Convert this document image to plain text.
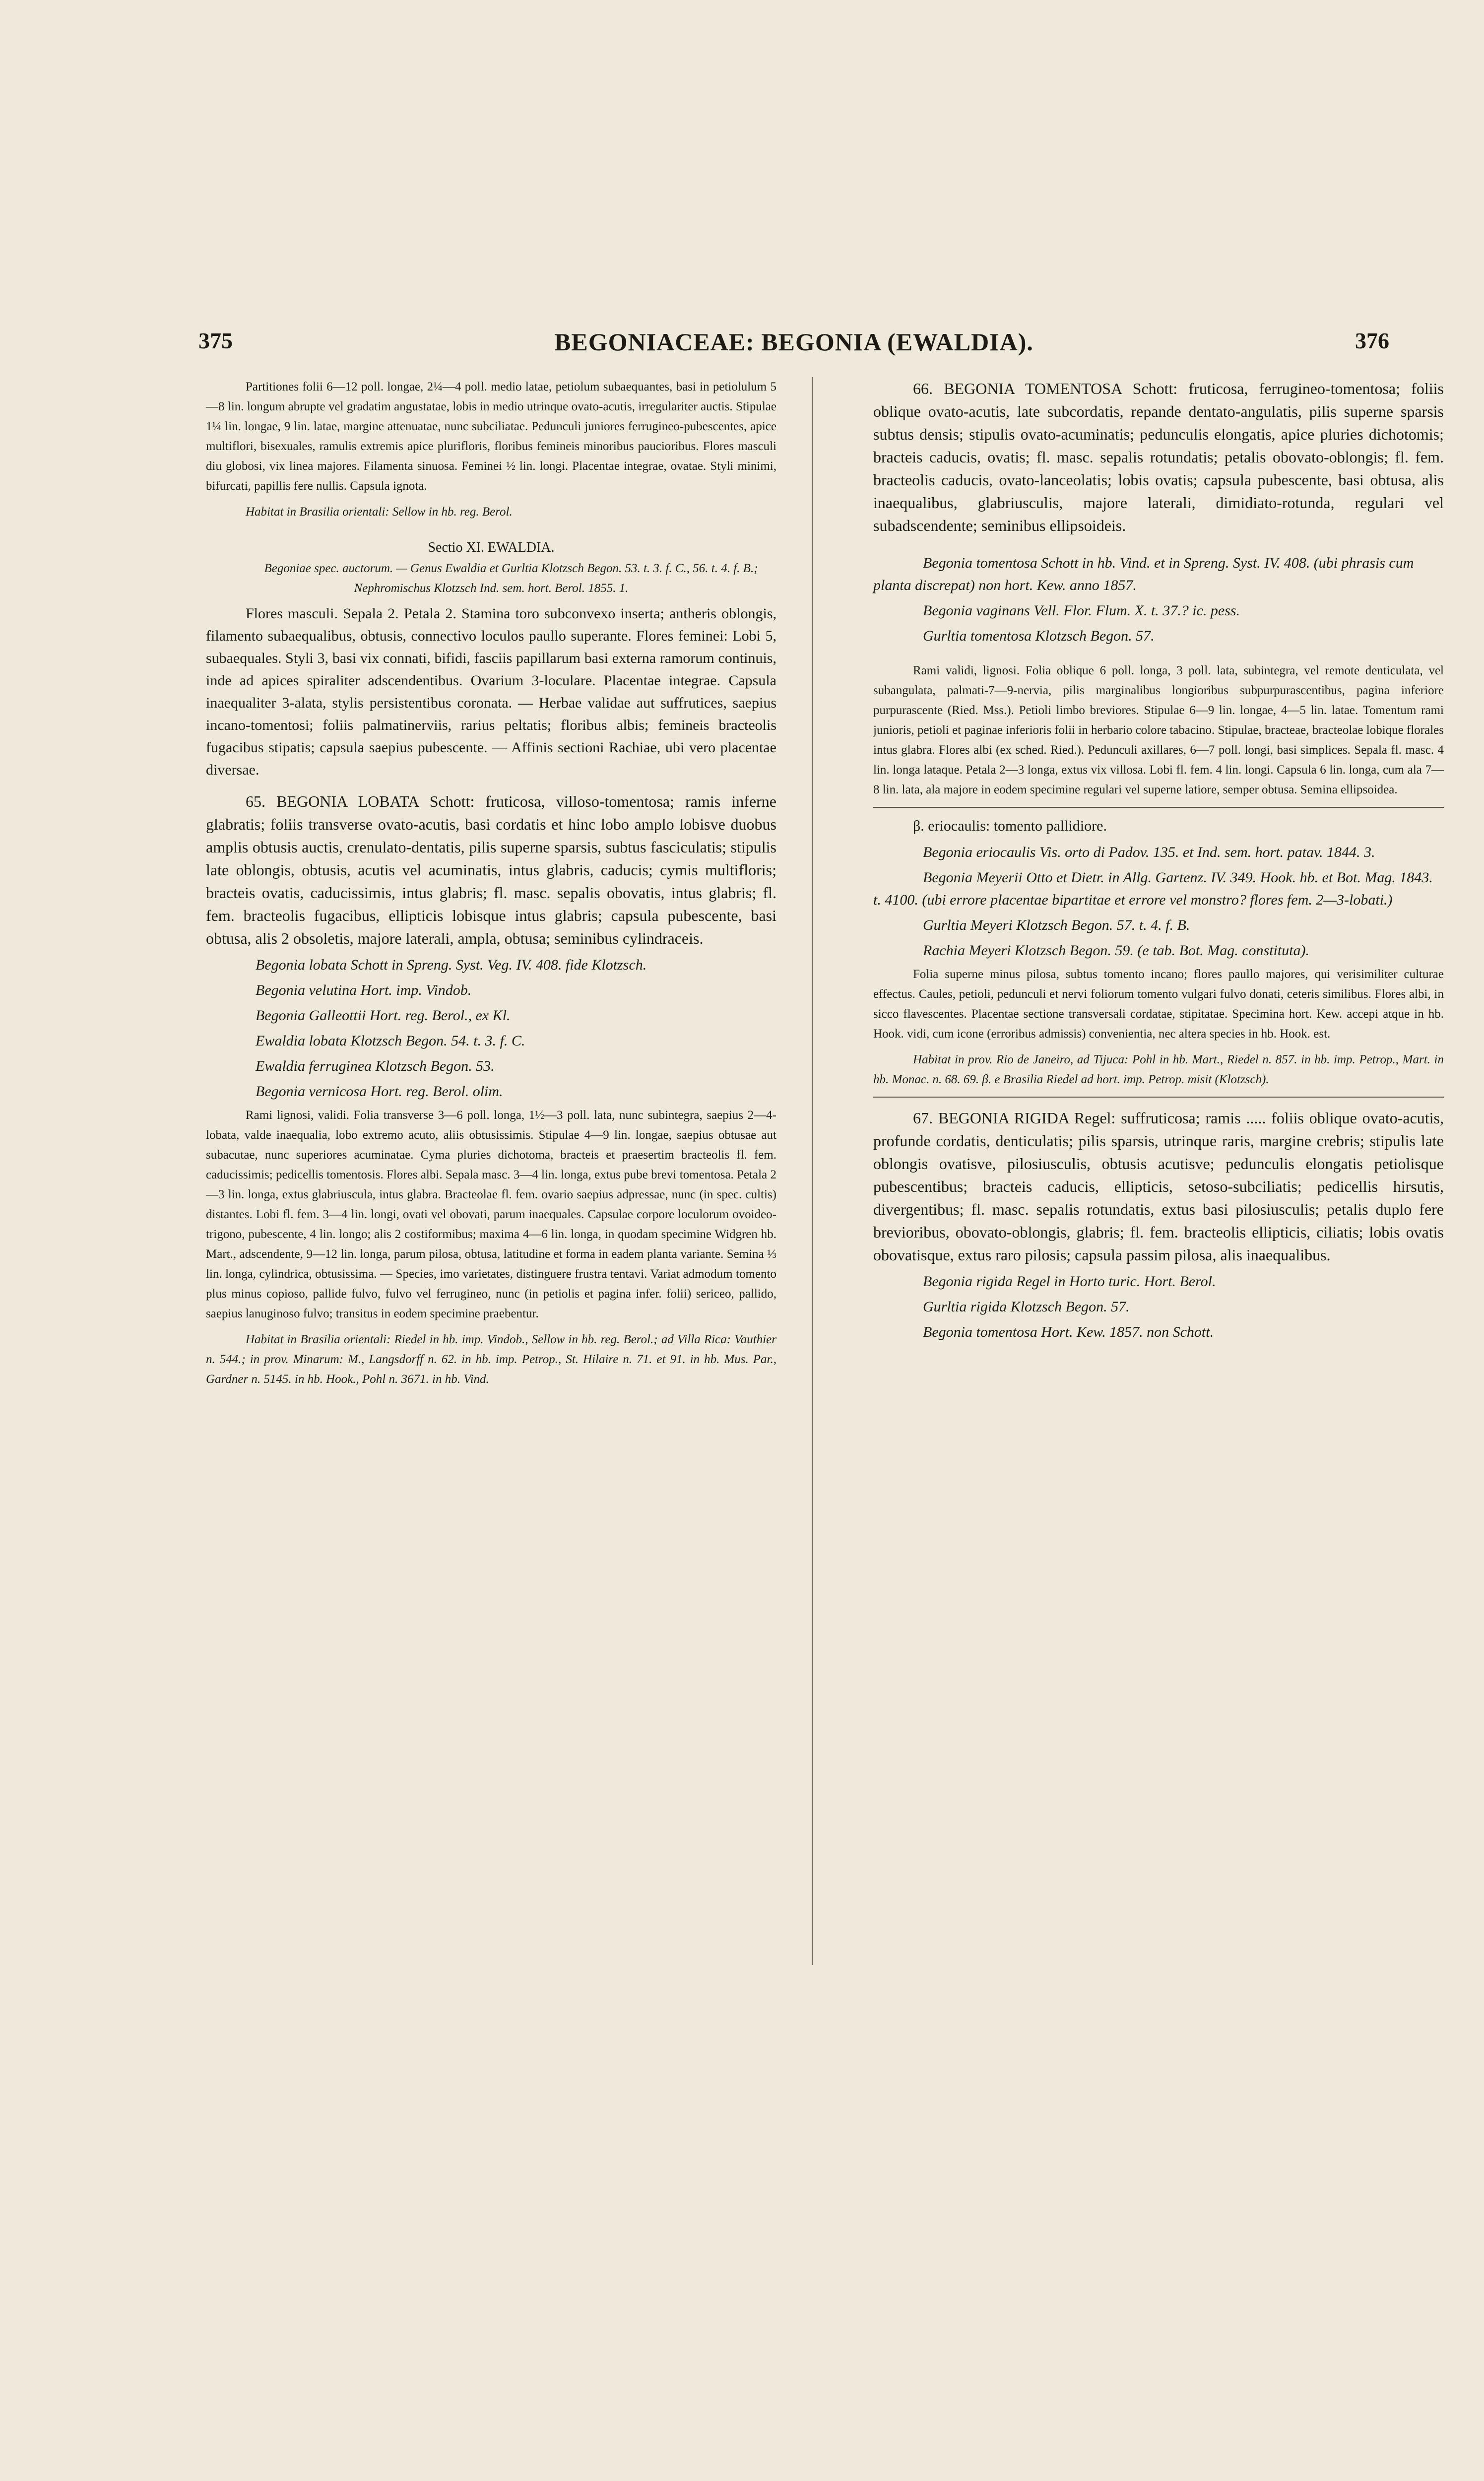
375	BEGONIACEAE: BEGONIA (EWALDIA).	376

Partitiones folii 6—12 poll. longae, 2¼—4 poll. medio latae, petiolum subaequantes, basi in petiolulum 5—8 lin. longum abrupte vel gradatim angustatae, lobis in medio utrinque ovato-acutis, irregulariter auctis. Stipulae 1¼ lin. longae, 9 lin. latae, margine attenuatae, nunc subciliatae. Pedunculi juniores ferrugineo-pubescentes, apice multiflori, bisexuales, ramulis extremis apice plurifloris, floribus femineis minoribus paucioribus. Flores masculi diu globosi, vix linea majores. Filamenta sinuosa. Feminei ½ lin. longi. Placentae integrae, ovatae. Styli minimi, bifurcati, papillis fere nullis. Capsula ignota.

Habitat in Brasilia orientali: Sellow in hb. reg. Berol.

Sectio XI. EWALDIA.

Begoniae spec. auctorum. — Genus Ewaldia et Gurltia Klotzsch Begon. 53. t. 3. f. C., 56. t. 4. f. B.; Nephromischus Klotzsch Ind. sem. hort. Berol. 1855. 1.

Flores masculi. Sepala 2. Petala 2. Stamina toro subconvexo inserta; antheris oblongis, filamento subaequalibus, obtusis, connectivo loculos paullo superante. Flores feminei: Lobi 5, subaequales. Styli 3, basi vix connati, bifidi, fasciis papillarum basi externa ramorum continuis, inde ad apices spiraliter adscendentibus. Ovarium 3-loculare. Placentae integrae. Capsula inaequaliter 3-alata, stylis persistentibus coronata. — Herbae validae aut suffrutices, saepius incano-tomentosi; foliis palmatinerviis, rarius peltatis; floribus albis; femineis bracteolis fugacibus stipatis; capsula saepius pubescente. — Affinis sectioni Rachiae, ubi vero placentae diversae.

65. BEGONIA LOBATA Schott: fruticosa, villoso-tomentosa; ramis inferne glabratis; foliis transverse ovato-acutis, basi cordatis et hinc lobo amplo lobisve duobus amplis obtusis auctis, crenulato-dentatis, pilis superne sparsis, subtus fasciculatis; stipulis late oblongis, obtusis, acutis vel acuminatis, intus glabris, caducis; cymis multifloris; bracteis ovatis, caducissimis, intus glabris; fl. masc. sepalis obovatis, intus glabris; fl. fem. bracteolis fugacibus, ellipticis lobisque intus glabris; capsula pubescente, basi obtusa, alis 2 obsoletis, majore laterali, ampla, obtusa; seminibus cylindraceis.

Begonia lobata Schott in Spreng. Syst. Veg. IV. 408. fide Klotzsch.

Begonia velutina Hort. imp. Vindob.

Begonia Galleottii Hort. reg. Berol., ex Kl.

Ewaldia lobata Klotzsch Begon. 54. t. 3. f. C.

Ewaldia ferruginea Klotzsch Begon. 53.

Begonia vernicosa Hort. reg. Berol. olim.

Rami lignosi, validi. Folia transverse 3—6 poll. longa, 1½—3 poll. lata, nunc subintegra, saepius 2—4-lobata, valde inaequalia, lobo extremo acuto, aliis obtusissimis. Stipulae 4—9 lin. longae, saepius obtusae aut subacutae, nunc superiores acuminatae. Cyma pluries dichotoma, bracteis et praesertim bracteolis fl. fem. caducissimis; pedicellis tomentosis. Flores albi. Sepala masc. 3—4 lin. longa, extus pube brevi tomentosa. Petala 2—3 lin. longa, extus glabriuscula, intus glabra. Bracteolae fl. fem. ovario saepius adpressae, nunc (in spec. cultis) distantes. Lobi fl. fem. 3—4 lin. longi, ovati vel obovati, parum inaequales. Capsulae corpore loculorum ovoideo-trigono, pubescente, 4 lin. longo; alis 2 costiformibus; maxima 4—6 lin. longa, in quodam specimine Widgren hb. Mart., adscendente, 9—12 lin. longa, parum pilosa, obtusa, latitudine et forma in eadem planta variante. Semina ⅓ lin. longa, cylindrica, obtusissima. — Species, imo varietates, distinguere frustra tentavi. Variat admodum tomento plus minus copioso, pallide fulvo, fulvo vel ferrugineo, nunc (in petiolis et pagina infer. folii) sericeo, pallido, saepius lanuginoso fulvo; transitus in eodem specimine praebentur.

Habitat in Brasilia orientali: Riedel in hb. imp. Vindob., Sellow in hb. reg. Berol.; ad Villa Rica: Vauthier n. 544.; in prov. Minarum: M., Langsdorff n. 62. in hb. imp. Petrop., St. Hilaire n. 71. et 91. in hb. Mus. Par., Gardner n. 5145. in hb. Hook., Pohl n. 3671. in hb. Vind.

66. BEGONIA TOMENTOSA Schott: fruticosa, ferrugineo-tomentosa; foliis oblique ovato-acutis, late subcordatis, repande dentato-angulatis, pilis superne sparsis subtus densis; stipulis ovato-acuminatis; pedunculis elongatis, apice pluries dichotomis; bracteis caducis, ovatis; fl. masc. sepalis rotundatis; petalis obovato-oblongis; fl. fem. bracteolis caducis, ovato-lanceolatis; lobis ovatis; capsula pubescente, basi obtusa, alis inaequalibus, glabriusculis, majore laterali, dimidiato-rotunda, regulari vel subadscendente; seminibus ellipsoideis.

Begonia tomentosa Schott in hb. Vind. et in Spreng. Syst. IV. 408. (ubi phrasis cum planta discrepat) non hort. Kew. anno 1857.

Begonia vaginans Vell. Flor. Flum. X. t. 37.? ic. pess.

Gurltia tomentosa Klotzsch Begon. 57.

Rami validi, lignosi. Folia oblique 6 poll. longa, 3 poll. lata, subintegra, vel remote denticulata, vel subangulata, palmati-7—9-nervia, pilis marginalibus longioribus subpurpurascentibus, pagina inferiore purpurascente (Ried. Mss.). Petioli limbo breviores. Stipulae 6—9 lin. longae, 4—5 lin. latae. Tomentum rami junioris, petioli et paginae inferioris folii in herbario colore tabacino. Stipulae, bracteae, bracteolae lobique florales intus glabra. Flores albi (ex sched. Ried.). Pedunculi axillares, 6—7 poll. longi, basi simplices. Sepala fl. masc. 4 lin. longa lataque. Petala 2—3 longa, extus vix villosa. Lobi fl. fem. 4 lin. longi. Capsula 6 lin. longa, cum ala 7—8 lin. lata, ala majore in eodem specimine regulari vel superne latiore, semper obtusa. Semina ellipsoidea.

β. eriocaulis: tomento pallidiore.

Begonia eriocaulis Vis. orto di Padov. 135. et Ind. sem. hort. patav. 1844. 3.

Begonia Meyerii Otto et Dietr. in Allg. Gartenz. IV. 349. Hook. hb. et Bot. Mag. 1843. t. 4100. (ubi errore placentae bipartitae et errore vel monstro? flores fem. 2—3-lobati.)

Gurltia Meyeri Klotzsch Begon. 57. t. 4. f. B.

Rachia Meyeri Klotzsch Begon. 59. (e tab. Bot. Mag. constituta).

Folia superne minus pilosa, subtus tomento incano; flores paullo majores, qui verisimiliter culturae effectus. Caules, petioli, pedunculi et nervi foliorum tomento vulgari fulvo donati, ceteris similibus. Flores albi, in sicco flavescentes. Placentae sectione transversali cordatae, stipitatae. Specimina hort. Kew. accepi atque in hb. Hook. vidi, cum icone (erroribus admissis) convenientia, nec altera species in hb. Hook. est.

Habitat in prov. Rio de Janeiro, ad Tijuca: Pohl in hb. Mart., Riedel n. 857. in hb. imp. Petrop., Mart. in hb. Monac. n. 68. 69. β. e Brasilia Riedel ad hort. imp. Petrop. misit (Klotzsch).

67. BEGONIA RIGIDA Regel: suffruticosa; ramis ..... foliis oblique ovato-acutis, profunde cordatis, denticulatis; pilis sparsis, utrinque raris, margine crebris; stipulis late oblongis ovatisve, pilosiusculis, obtusis acutisve; pedunculis elongatis petiolisque pubescentibus; bracteis caducis, ellipticis, setoso-subciliatis; pedicellis hirsutis, divergentibus; fl. masc. sepalis rotundatis, extus basi pilosiusculis; petalis duplo fere brevioribus, obovato-oblongis, glabris; fl. fem. bracteolis ellipticis, ciliatis; lobis ovatis obovatisque, extus raro pilosis; capsula passim pilosa, alis inaequalibus.

Begonia rigida Regel in Horto turic. Hort. Berol.

Gurltia rigida Klotzsch Begon. 57.

Begonia tomentosa Hort. Kew. 1857. non Schott.
